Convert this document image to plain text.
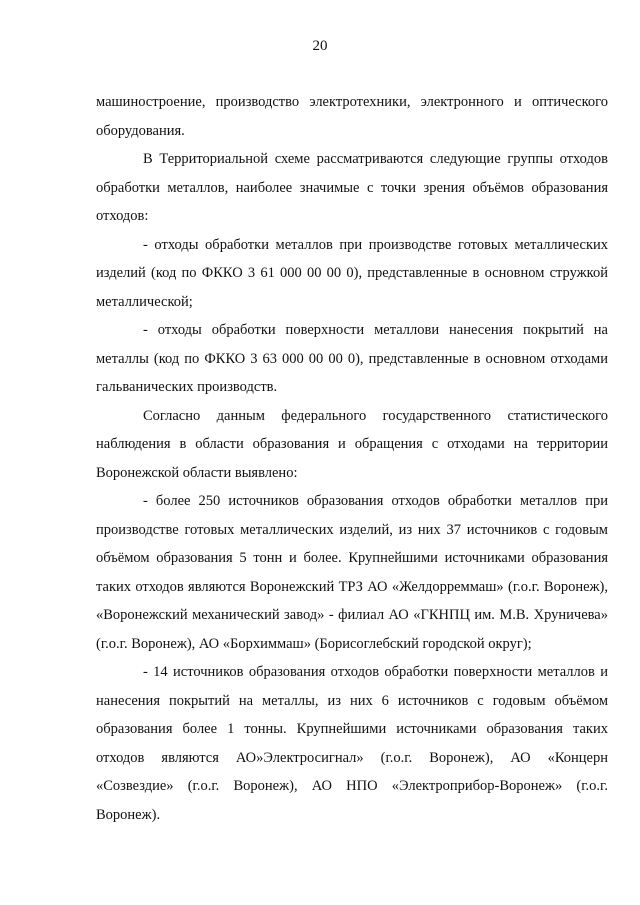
20

машиностроение, производство электротехники, электронного и оптического оборудования.

В Территориальной схеме рассматриваются следующие группы отходов обработки металлов, наиболее значимые с точки зрения объёмов образования отходов:

- отходы обработки металлов при производстве готовых металлических изделий (код по ФККО 3 61 000 00 00 0), представленные в основном стружкой металлической;

- отходы обработки поверхности металлови нанесения покрытий на металлы (код по ФККО 3 63 000 00 00 0), представленные в основном отходами гальванических производств.

Согласно данным федерального государственного статистического наблюдения в области образования и обращения с отходами на территории Воронежской области выявлено:

- более 250 источников образования отходов обработки металлов при производстве готовых металлических изделий, из них 37 источников с годовым объёмом образования 5 тонн и более. Крупнейшими источниками образования таких отходов являются Воронежский ТРЗ АО «Желдорреммаш» (г.о.г. Воронеж), «Воронежский механический завод» - филиал АО «ГКНПЦ им. М.В. Хруничева» (г.о.г. Воронеж), АО «Борхиммаш» (Борисоглебский городской округ);

- 14 источников образования отходов обработки поверхности металлов и нанесения покрытий на металлы, из них 6 источников с годовым объёмом образования более 1 тонны. Крупнейшими источниками образования таких отходов являются АО»Электросигнал» (г.о.г. Воронеж), АО «Концерн «Созвездие» (г.о.г. Воронеж), АО НПО «Электроприбор-Воронеж» (г.о.г. Воронеж).
